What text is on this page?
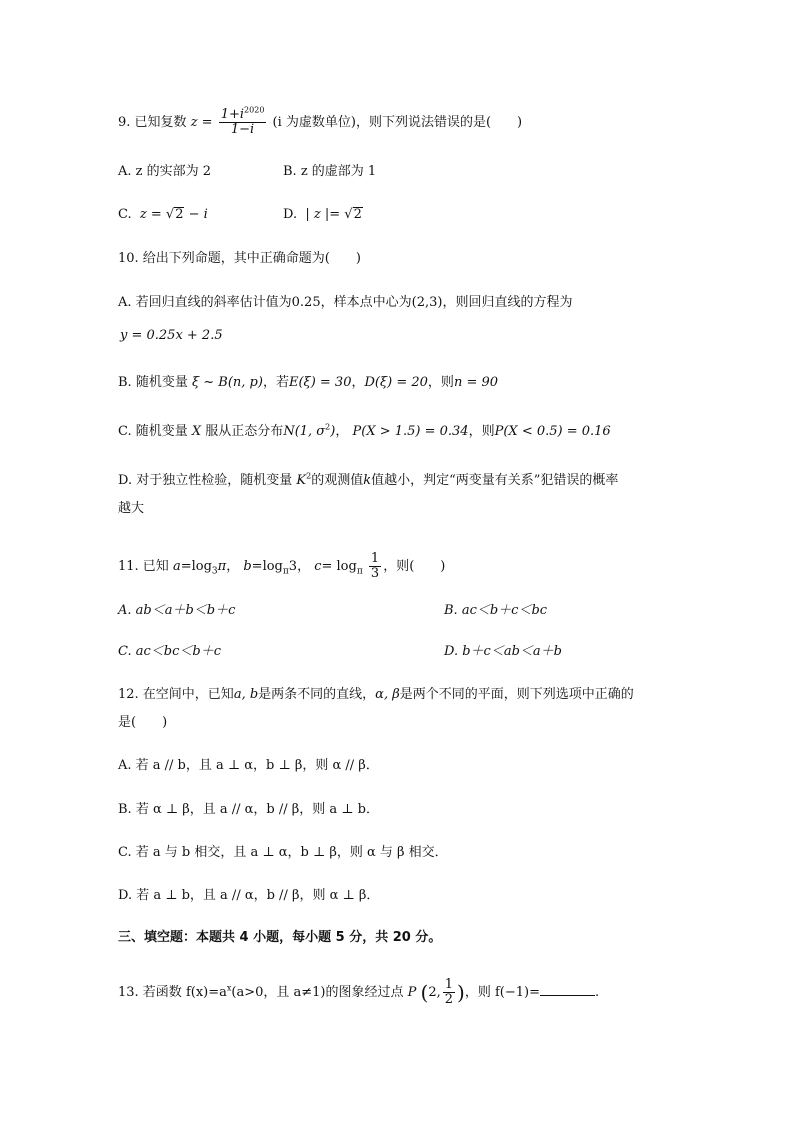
9. 已知复数 $z = \frac{1+i^{2020}}{1-i} (i$ 为虚数单位)，则下列说法错误的是(　　)
A. z 的实部为 2	B. z 的虚部为 1
C. z = √2 − i	D. | z |= √2
10. 给出下列命题，其中正确命题为(　　)
A. 若回归直线的斜率估计值为0.25，样本点中心为(2,3)，则回归直线的方程为
y = 0.25x + 2.5
B. 随机变量 ξ ~ B(n, p)，若E(ξ) = 30，D(ξ) = 20，则n = 90
C. 随机变量 X 服从正态分布N(1, $\sigma^2$)， P(X > 1.5) = 0.34，则P(X < 0.5) = 0.16
D. 对于独立性检验，随机变量 $K^2$的观测值k值越小，判定“两变量有关系”犯错误的概率
越大
11. 已知 $a=\log_3\pi$， $b=\log_\pi 3$， $c= \log_\pi \frac{1}{3}$ ，则(　　)
A. ab＜a＋b＜b＋c	B. ac＜b＋c＜bc
C. ac＜bc＜b＋c	D. b＋c＜ab＜a＋b
12. 在空间中，已知a, b是两条不同的直线，α, β是两个不同的平面，则下列选项中正确的
是(　　)
A. 若 a // b，且 a ⊥ α，b ⊥ β，则 α // β．
B. 若 α ⊥ β，且 a // α，b // β，则 a ⊥ b．
C. 若 a 与 b 相交，且 a ⊥ α，b ⊥ β，则 α 与 β 相交．
D. 若 a ⊥ b，且 a // α，b // β，则 α ⊥ β．
三、填空题：本题共 4 小题，每小题 5 分，共 20 分。
13. 若函数 $f(x)=a^x(a>0$，且 a≠1)的图象经过点 P (2, $\frac{1}{2}$ )，则 f(−1)=	.
